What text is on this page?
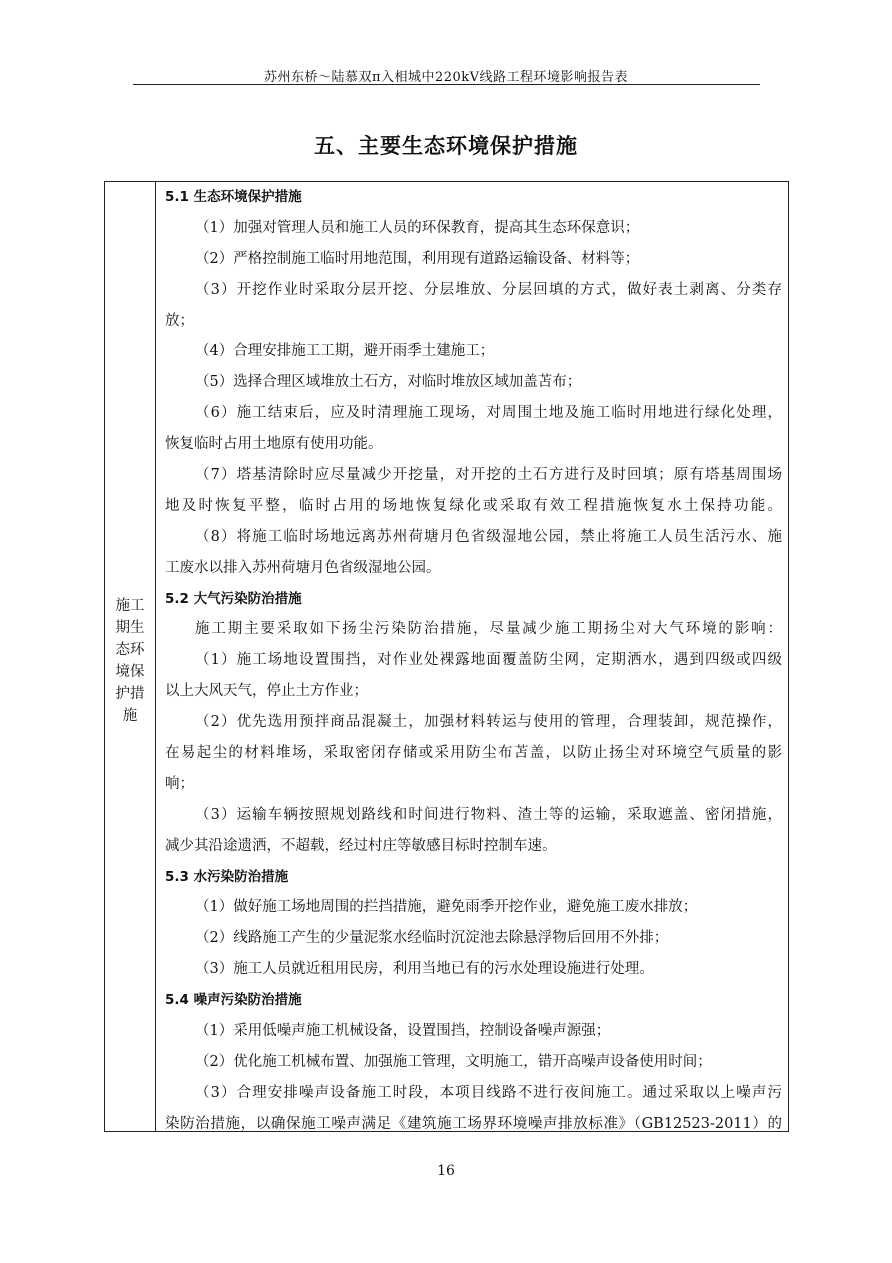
苏州东桥～陆慕双π入相城中220kV线路工程环境影响报告表
五、主要生态环境保护措施
施工
期生
态环
境保
护措
施
5.1 生态环境保护措施
（1）加强对管理人员和施工人员的环保教育，提高其生态环保意识；
（2）严格控制施工临时用地范围，利用现有道路运输设备、材料等；
（3）开挖作业时采取分层开挖、分层堆放、分层回填的方式，做好表土剥离、分类存
放；
（4）合理安排施工工期，避开雨季土建施工；
（5）选择合理区域堆放土石方，对临时堆放区域加盖苫布；
（6）施工结束后，应及时清理施工现场，对周围土地及施工临时用地进行绿化处理，
恢复临时占用土地原有使用功能。
（7）塔基清除时应尽量减少开挖量，对开挖的土石方进行及时回填；原有塔基周围场
地及时恢复平整，临时占用的场地恢复绿化或采取有效工程措施恢复水土保持功能。
（8）将施工临时场地远离苏州荷塘月色省级湿地公园，禁止将施工人员生活污水、施
工废水以排入苏州荷塘月色省级湿地公园。
5.2 大气污染防治措施
施工期主要采取如下扬尘污染防治措施，尽量减少施工期扬尘对大气环境的影响：
（1）施工场地设置围挡，对作业处裸露地面覆盖防尘网，定期洒水，遇到四级或四级
以上大风天气，停止土方作业；
（2）优先选用预拌商品混凝土，加强材料转运与使用的管理，合理装卸，规范操作，
在易起尘的材料堆场，采取密闭存储或采用防尘布苫盖，以防止扬尘对环境空气质量的影
响；
（3）运输车辆按照规划路线和时间进行物料、渣土等的运输，采取遮盖、密闭措施，
减少其沿途遗洒，不超载，经过村庄等敏感目标时控制车速。
5.3 水污染防治措施
（1）做好施工场地周围的拦挡措施，避免雨季开挖作业，避免施工废水排放；
（2）线路施工产生的少量泥浆水经临时沉淀池去除悬浮物后回用不外排；
（3）施工人员就近租用民房，利用当地已有的污水处理设施进行处理。
5.4 噪声污染防治措施
（1）采用低噪声施工机械设备，设置围挡，控制设备噪声源强；
（2）优化施工机械布置、加强施工管理，文明施工，错开高噪声设备使用时间；
（3）合理安排噪声设备施工时段，本项目线路不进行夜间施工。通过采取以上噪声污
染防治措施，以确保施工噪声满足《建筑施工场界环境噪声排放标准》（GB12523-2011）的
16
